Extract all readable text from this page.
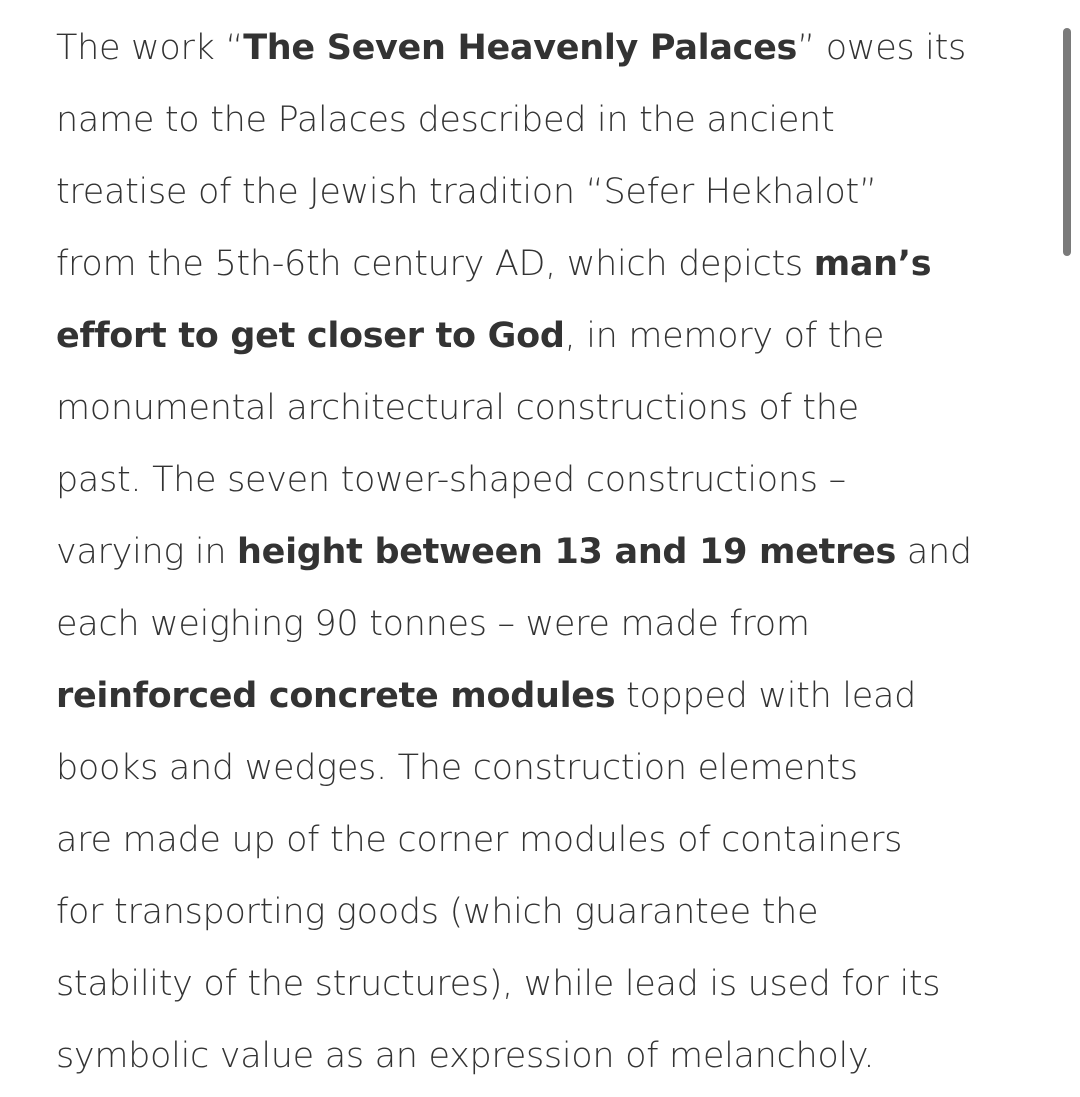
The work “The Seven Heavenly Palaces” owes its
name to the Palaces described in the ancient
treatise of the Jewish tradition “Sefer Hekhalot”
from the 5th-6th century AD, which depicts man’s
effort to get closer to God, in memory of the
monumental architectural constructions of the
past. The seven tower-shaped constructions –
varying in height between 13 and 19 metres and
each weighing 90 tonnes – were made from
reinforced concrete modules topped with lead
books and wedges. The construction elements
are made up of the corner modules of containers
for transporting goods (which guarantee the
stability of the structures), while lead is used for its
symbolic value as an expression of melancholy.
